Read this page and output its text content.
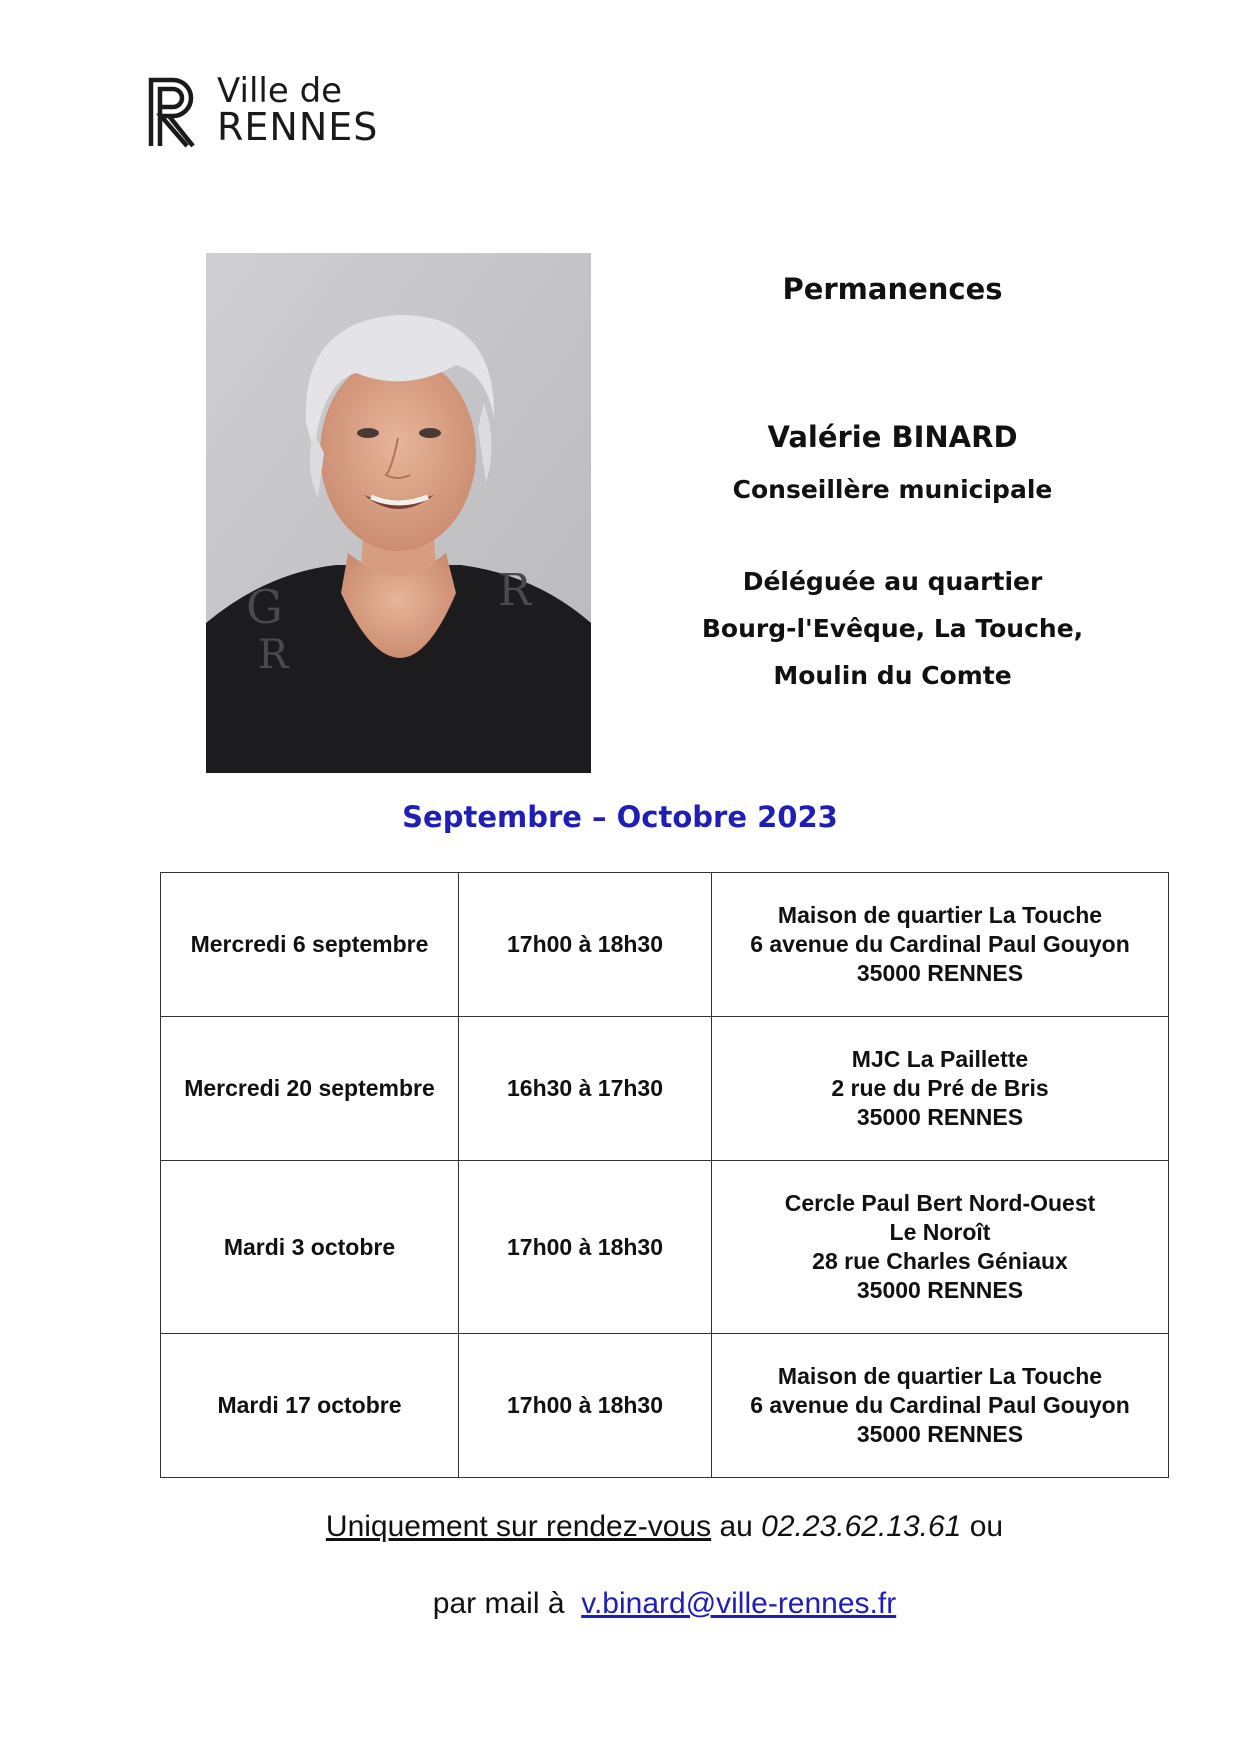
Ville de
RENNES
G
R
R
Permanences
Valérie BINARD
Conseillère municipale
Déléguée au quartier
Bourg-l'Evêque, La Touche,
Moulin du Comte
Septembre – Octobre 2023
Mercredi 6 septembre	17h00 à 18h30	Maison de quartier La Touche
6 avenue du Cardinal Paul Gouyon
35000 RENNES

Mercredi 20 septembre	16h30 à 17h30	MJC La Paillette
2 rue du Pré de Bris
35000 RENNES

Mardi 3 octobre	17h00 à 18h30	Cercle Paul Bert Nord-Ouest
Le Noroît
28 rue Charles Géniaux
35000 RENNES

Mardi 17 octobre	17h00 à 18h30	Maison de quartier La Touche
6 avenue du Cardinal Paul Gouyon
35000 RENNES
Uniquement sur rendez-vous au 02.23.62.13.61 ou
par mail à v.binard@ville-rennes.fr
